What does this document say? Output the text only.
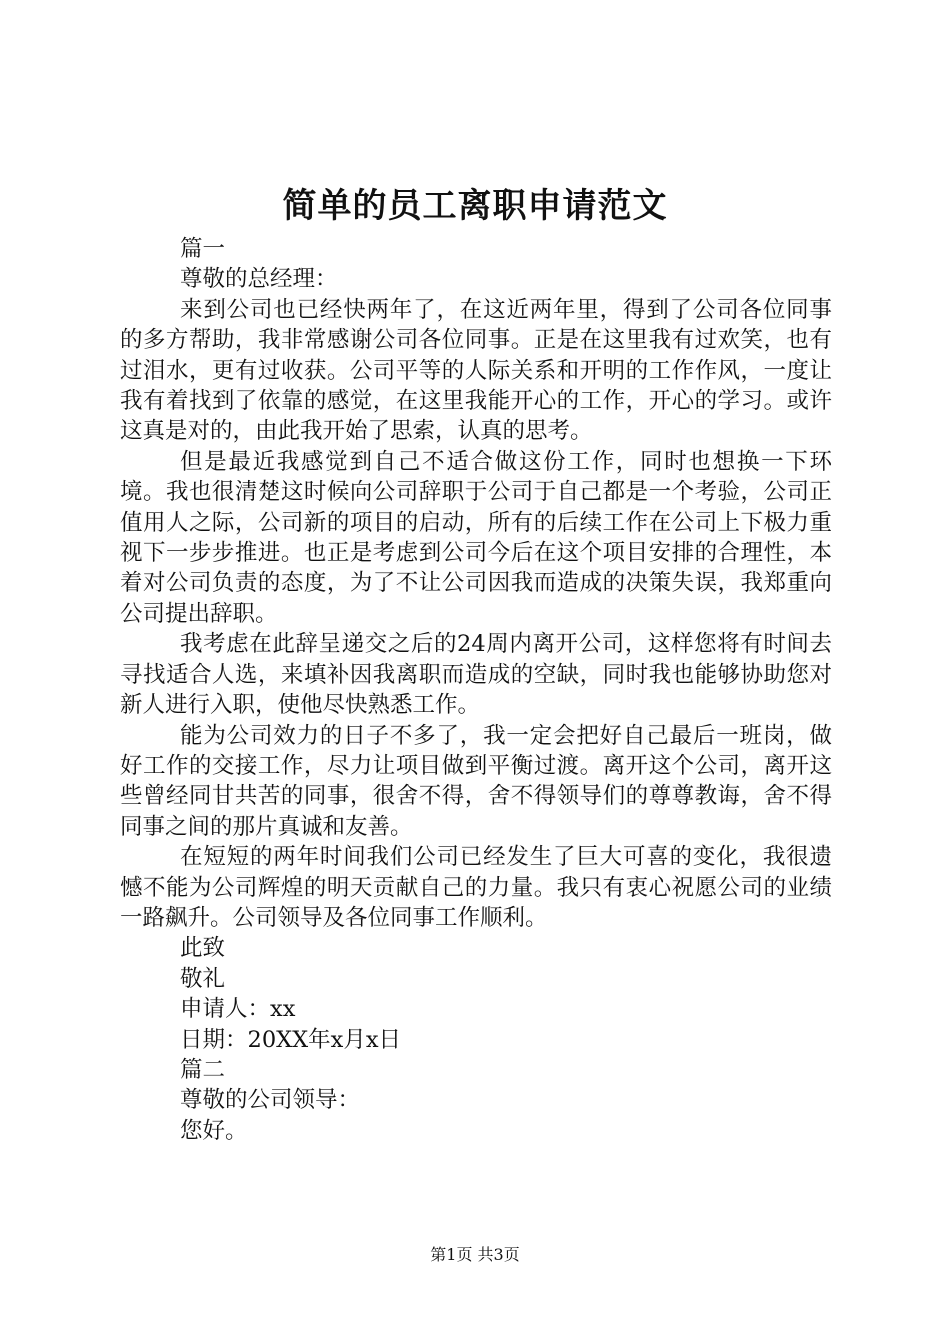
简单的员工离职申请范文

篇一

尊敬的总经理：

来到公司也已经快两年了，在这近两年里，得到了公司各位同事的多方帮助，我非常感谢公司各位同事。正是在这里我有过欢笑，也有过泪水，更有过收获。公司平等的人际关系和开明的工作作风，一度让我有着找到了依靠的感觉，在这里我能开心的工作，开心的学习。或许这真是对的，由此我开始了思索，认真的思考。

但是最近我感觉到自己不适合做这份工作，同时也想换一下环境。我也很清楚这时候向公司辞职于公司于自己都是一个考验，公司正值用人之际，公司新的项目的启动，所有的后续工作在公司上下极力重视下一步步推进。也正是考虑到公司今后在这个项目安排的合理性，本着对公司负责的态度，为了不让公司因我而造成的决策失误，我郑重向公司提出辞职。

我考虑在此辞呈递交之后的24周内离开公司，这样您将有时间去寻找适合人选，来填补因我离职而造成的空缺，同时我也能够协助您对新人进行入职，使他尽快熟悉工作。

能为公司效力的日子不多了，我一定会把好自己最后一班岗，做好工作的交接工作，尽力让项目做到平衡过渡。离开这个公司，离开这些曾经同甘共苦的同事，很舍不得，舍不得领导们的尊尊教诲，舍不得同事之间的那片真诚和友善。

在短短的两年时间我们公司已经发生了巨大可喜的变化，我很遗憾不能为公司辉煌的明天贡献自己的力量。我只有衷心祝愿公司的业绩一路飙升。公司领导及各位同事工作顺利。

此致

敬礼

申请人：xx

日期：20XX年x月x日

篇二

尊敬的公司领导：

您好。

第1页 共3页
